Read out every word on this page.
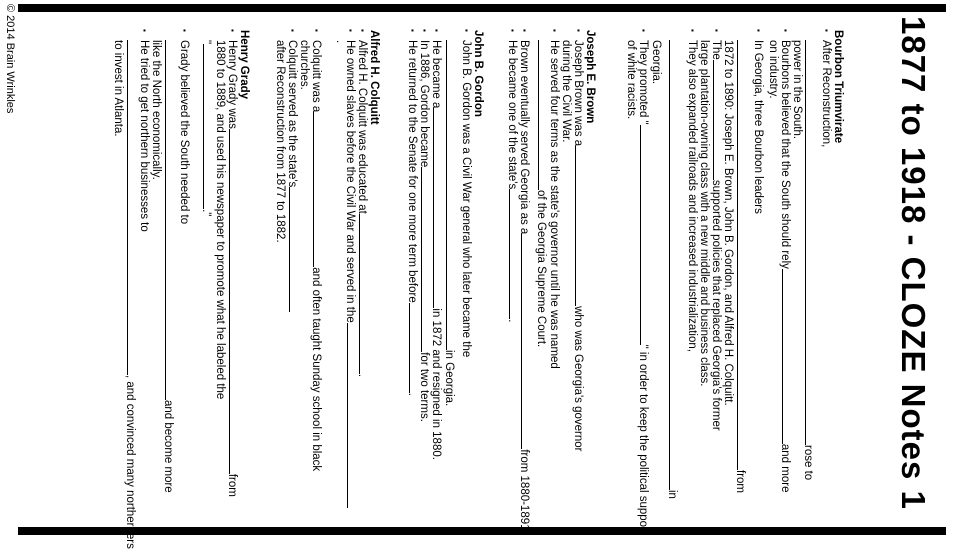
1877 to 1918 - CLOZE Notes 1
Bourbon Triumvirate
▪
After Reconstruction,
rose to
power in the South.
▪
Bourbons believed that the South should relyand more
on industry.
▪
In Georgia, three Bourbon leaders
from
1872 to 1890: Joseph E. Brown, John B. Gordon, and Alfred H. Colquitt.
▪
Thesupported policies that replaced Georgia's former
large plantation-owning class with a new middle and business class.
▪
They also expanded railroads and increased industrialization,
in
Georgia.
▪
They promoted "" in order to keep the political support
of white racists.
Joseph E. Brown
▪
Joseph Brown was awho was Georgia's governor
during the Civil War.
▪
He served four terms as the state's governor until he was named
of the Georgia Supreme Court.
▪
Brown eventually served Georgia as afrom 1880-1891.
▪
He became one of the state's.
John B. Gordon
▪
John B. Gordon was a Civil War general who later became the
in Georgia.
▪
He became ain 1872 and resigned in 1880.
▪
In 1886, Gordon becamefor two terms.
▪
He returned to the Senate for one more term before.
Alfred H. Colquitt
▪
Alfred H. Colquitt was educated at.
▪
He owned slaves before the Civil War and served in the
.
▪
Colquitt was aand often taught Sunday school in black
churches.
▪
Colquitt served as the state's
after Reconstruction from 1877 to 1882.
Henry Grady
▪
Henry Grady wasfrom
1880 to 1889, and used his newspaper to promote what he labeled the
"."
▪
Grady believed the South needed to
and become more
like the North economically.
▪
He tried to get northern businesses to
, and convinced many northerners
to invest in Atlanta.
© 2014 Brain Wrinkles
